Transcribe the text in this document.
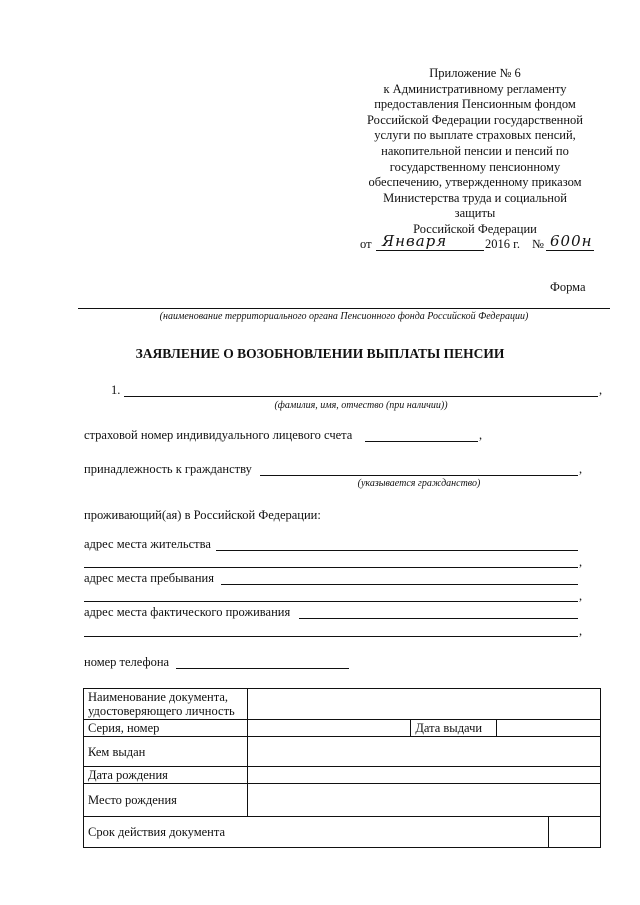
Приложение № 6
к Административному регламенту
предоставления Пенсионным фондом
Российской Федерации государственной
услуги по выплате страховых пенсий,
накопительной пенсии и пенсий по
государственному пенсионному
обеспечению, утвержденному приказом
Министерства труда и социальной
защиты
Российской Федерации
от Января	2016 г. № 600н
Форма
(наименование территориального органа Пенсионного фонда Российской Федерации)
ЗАЯВЛЕНИЕ О ВОЗОБНОВЛЕНИИ ВЫПЛАТЫ ПЕНСИИ
1.	,
(фамилия, имя, отчество (при наличии))
страховой номер индивидуального лицевого счета	,
принадлежность к гражданству	,
(указывается гражданство)
проживающий(ая) в Российской Федерации:
адрес места жительства
,
адрес места пребывания
,
адрес места фактического проживания
,
номер телефона
Наименование документа, удостоверяющего личность				
Серия, номер		Дата выдачи		
Кем выдан				
Дата рождения				
Место рождения				
Срок действия документа				
